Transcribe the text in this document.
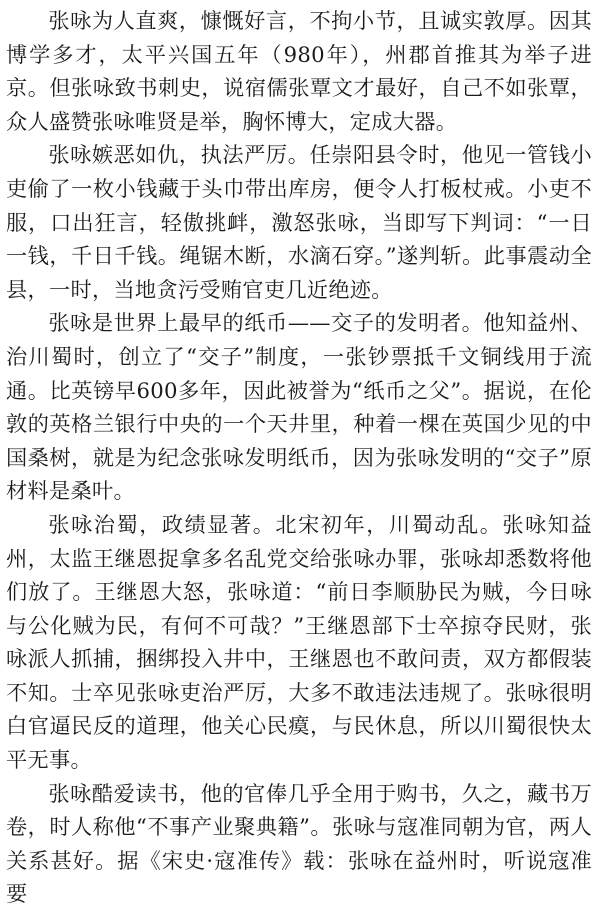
张咏为人直爽，慷慨好言，不拘小节，且诚实敦厚。因其博学多才，太平兴国五年（980年），州郡首推其为举子进京。但张咏致书刺史，说宿儒张覃文才最好，自己不如张覃，众人盛赞张咏唯贤是举，胸怀博大，定成大器。

张咏嫉恶如仇，执法严厉。任崇阳县令时，他见一管钱小吏偷了一枚小钱藏于头巾带出库房，便令人打板杖戒。小吏不服，口出狂言，轻傲挑衅，激怒张咏，当即写下判词：“一日一钱，千日千钱。绳锯木断，水滴石穿。”遂判斩。此事震动全县，一时，当地贪污受贿官吏几近绝迹。

张咏是世界上最早的纸币——交子的发明者。他知益州、治川蜀时，创立了“交子”制度，一张钞票抵千文铜线用于流通。比英镑早600多年，因此被誉为“纸币之父”。据说，在伦敦的英格兰银行中央的一个天井里，种着一棵在英国少见的中国桑树，就是为纪念张咏发明纸币，因为张咏发明的“交子”原材料是桑叶。

张咏治蜀，政绩显著。北宋初年，川蜀动乱。张咏知益州，太监王继恩捉拿多名乱党交给张咏办罪，张咏却悉数将他们放了。王继恩大怒，张咏道：“前日李顺胁民为贼，今日咏与公化贼为民，有何不可哉？”王继恩部下士卒掠夺民财，张咏派人抓捕，捆绑投入井中，王继恩也不敢问责，双方都假装不知。士卒见张咏吏治严厉，大多不敢违法违规了。张咏很明白官逼民反的道理，他关心民瘼，与民休息，所以川蜀很快太平无事。

张咏酷爱读书，他的官俸几乎全用于购书，久之，藏书万卷，时人称他“不事产业聚典籍”。张咏与寇准同朝为官，两人关系甚好。据《宋史·寇准传》载：张咏在益州时，听说寇准要
